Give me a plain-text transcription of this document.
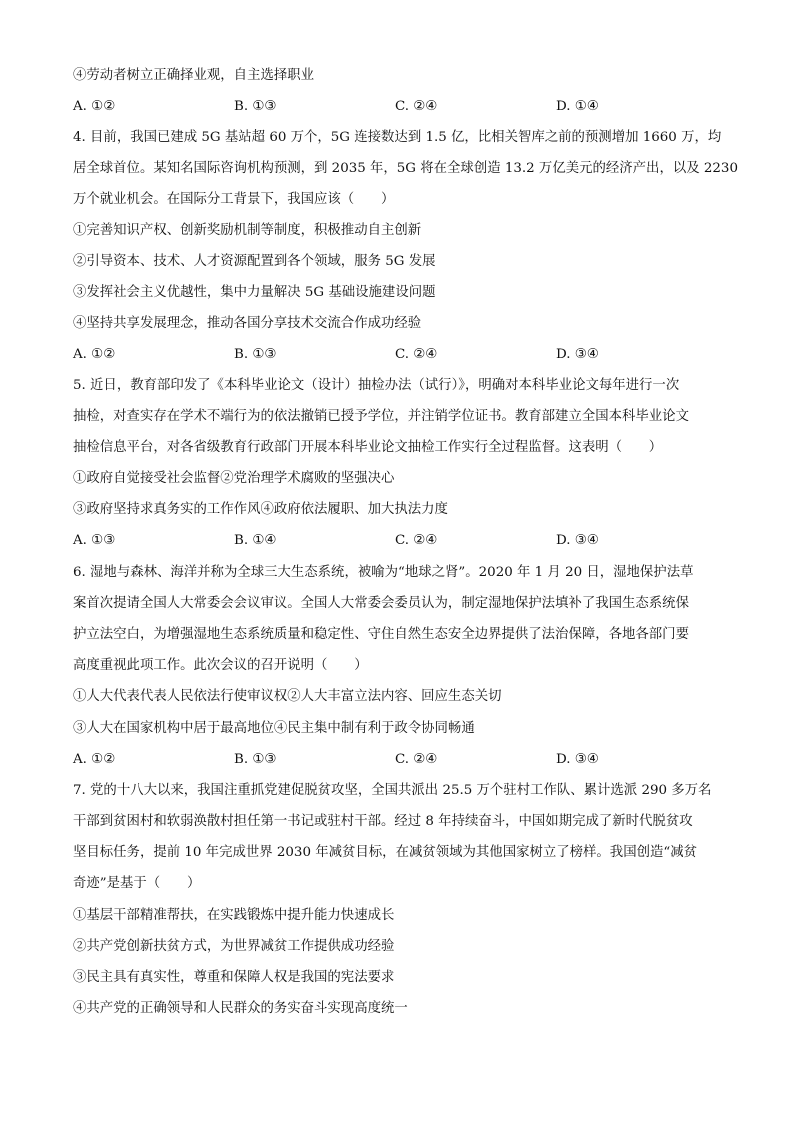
④劳动者树立正确择业观，自主选择职业
A. ①②	B. ①③	C. ②④	D. ①④
4. 目前，我国已建成 5G 基站超 60 万个，5G 连接数达到 1.5 亿，比相关智库之前的预测增加 1660 万，均
居全球首位。某知名国际咨询机构预测，到 2035 年，5G 将在全球创造 13.2 万亿美元的经济产出，以及 2230
万个就业机会。在国际分工背景下，我国应该（　　）
①完善知识产权、创新奖励机制等制度，积极推动自主创新
②引导资本、技术、人才资源配置到各个领域，服务 5G 发展
③发挥社会主义优越性，集中力量解决 5G 基础设施建设问题
④坚持共享发展理念，推动各国分享技术交流合作成功经验
A. ①②	B. ①③	C. ②④	D. ③④
5. 近日，教育部印发了《本科毕业论文（设计）抽检办法（试行）》，明确对本科毕业论文每年进行一次
抽检，对查实存在学术不端行为的依法撤销已授予学位，并注销学位证书。教育部建立全国本科毕业论文
抽检信息平台，对各省级教育行政部门开展本科毕业论文抽检工作实行全过程监督。这表明（　　）
①政府自觉接受社会监督②党治理学术腐败的坚强决心
③政府坚持求真务实的工作作风④政府依法履职、加大执法力度
A. ①③	B. ①④	C. ②④	D. ③④
6. 湿地与森林、海洋并称为全球三大生态系统，被喻为“地球之肾”。2020 年 1 月 20 日，湿地保护法草
案首次提请全国人大常委会会议审议。全国人大常委会委员认为，制定湿地保护法填补了我国生态系统保
护立法空白，为增强湿地生态系统质量和稳定性、守住自然生态安全边界提供了法治保障，各地各部门要
高度重视此项工作。此次会议的召开说明（　　）
①人大代表代表人民依法行使审议权②人大丰富立法内容、回应生态关切
③人大在国家机构中居于最高地位④民主集中制有利于政令协同畅通
A. ①②	B. ①③	C. ②④	D. ③④
7. 党的十八大以来，我国注重抓党建促脱贫攻坚，全国共派出 25.5 万个驻村工作队、累计选派 290 多万名
干部到贫困村和软弱涣散村担任第一书记或驻村干部。经过 8 年持续奋斗，中国如期完成了新时代脱贫攻
坚目标任务，提前 10 年完成世界 2030 年减贫目标，在减贫领域为其他国家树立了榜样。我国创造“减贫
奇迹”是基于（　　）
①基层干部精准帮扶，在实践锻炼中提升能力快速成长
②共产党创新扶贫方式，为世界减贫工作提供成功经验
③民主具有真实性，尊重和保障人权是我国的宪法要求
④共产党的正确领导和人民群众的务实奋斗实现高度统一
